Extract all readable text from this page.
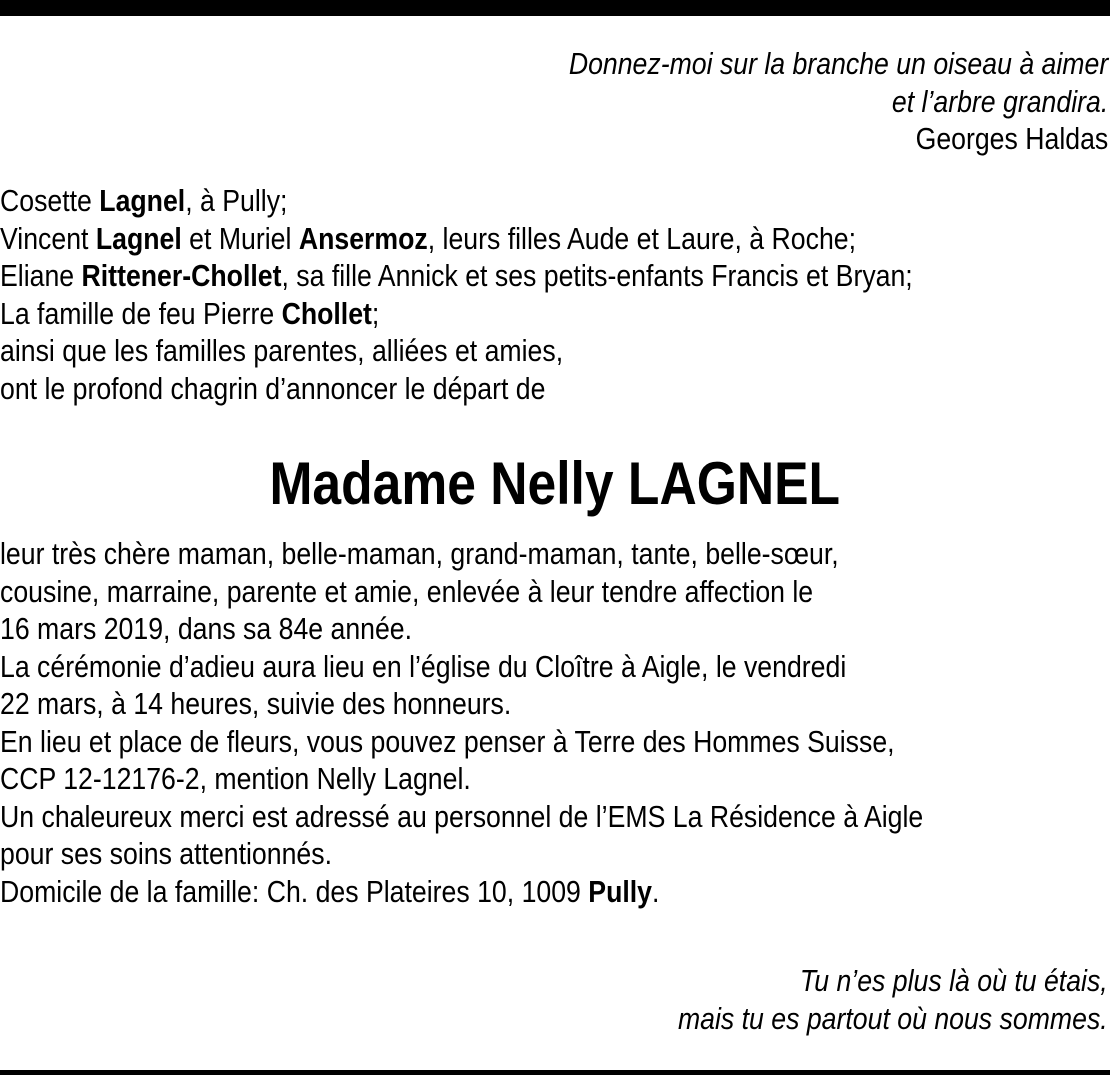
Donnez-moi sur la branche un oiseau à aimer
et l’arbre grandira.
Georges Haldas
Cosette Lagnel, à Pully;
Vincent Lagnel et Muriel Ansermoz, leurs filles Aude et Laure, à Roche;
Eliane Rittener-Chollet, sa fille Annick et ses petits-enfants Francis et Bryan;
La famille de feu Pierre Chollet;
ainsi que les familles parentes, alliées et amies,
ont le profond chagrin d’annoncer le départ de
Madame Nelly LAGNEL
leur très chère maman, belle-maman, grand-maman, tante, belle-sœur,
cousine, marraine, parente et amie, enlevée à leur tendre affection le
16 mars 2019, dans sa 84e année.
La cérémonie d’adieu aura lieu en l’église du Cloître à Aigle, le vendredi
22 mars, à 14 heures, suivie des honneurs.
En lieu et place de fleurs, vous pouvez penser à Terre des Hommes Suisse,
CCP 12-12176-2, mention Nelly Lagnel.
Un chaleureux merci est adressé au personnel de l’EMS La Résidence à Aigle
pour ses soins attentionnés.
Domicile de la famille: Ch. des Plateires 10, 1009 Pully.
Tu n’es plus là où tu étais,
mais tu es partout où nous sommes.
